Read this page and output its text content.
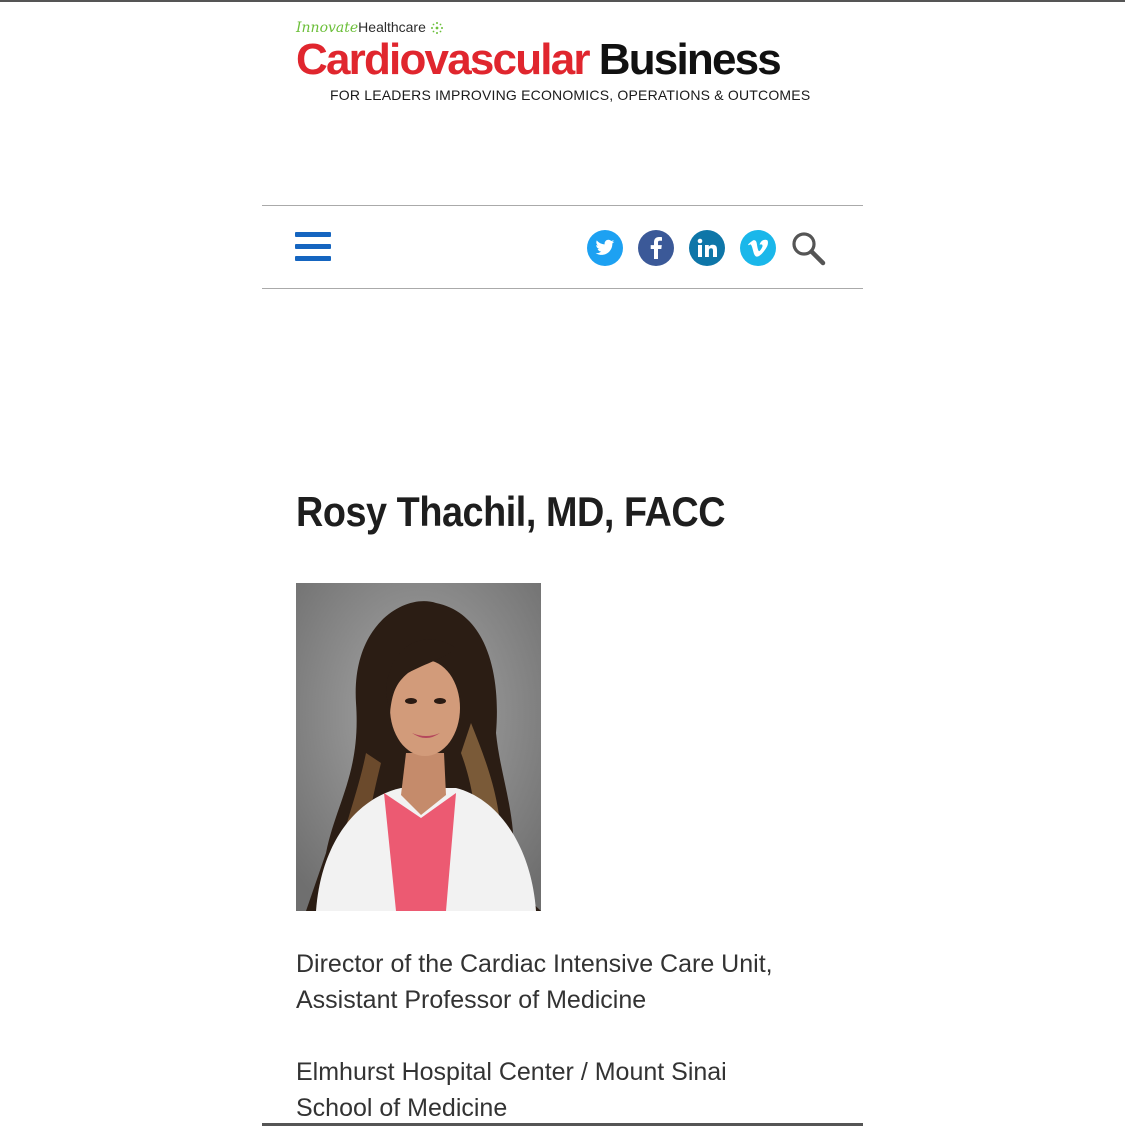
InnovateHealthcare
Cardiovascular Business
FOR LEADERS IMPROVING ECONOMICS, OPERATIONS & OUTCOMES
Rosy Thachil, MD, FACC
Director of the Cardiac Intensive Care Unit,
Assistant Professor of Medicine
Elmhurst Hospital Center / Mount Sinai
School of Medicine
